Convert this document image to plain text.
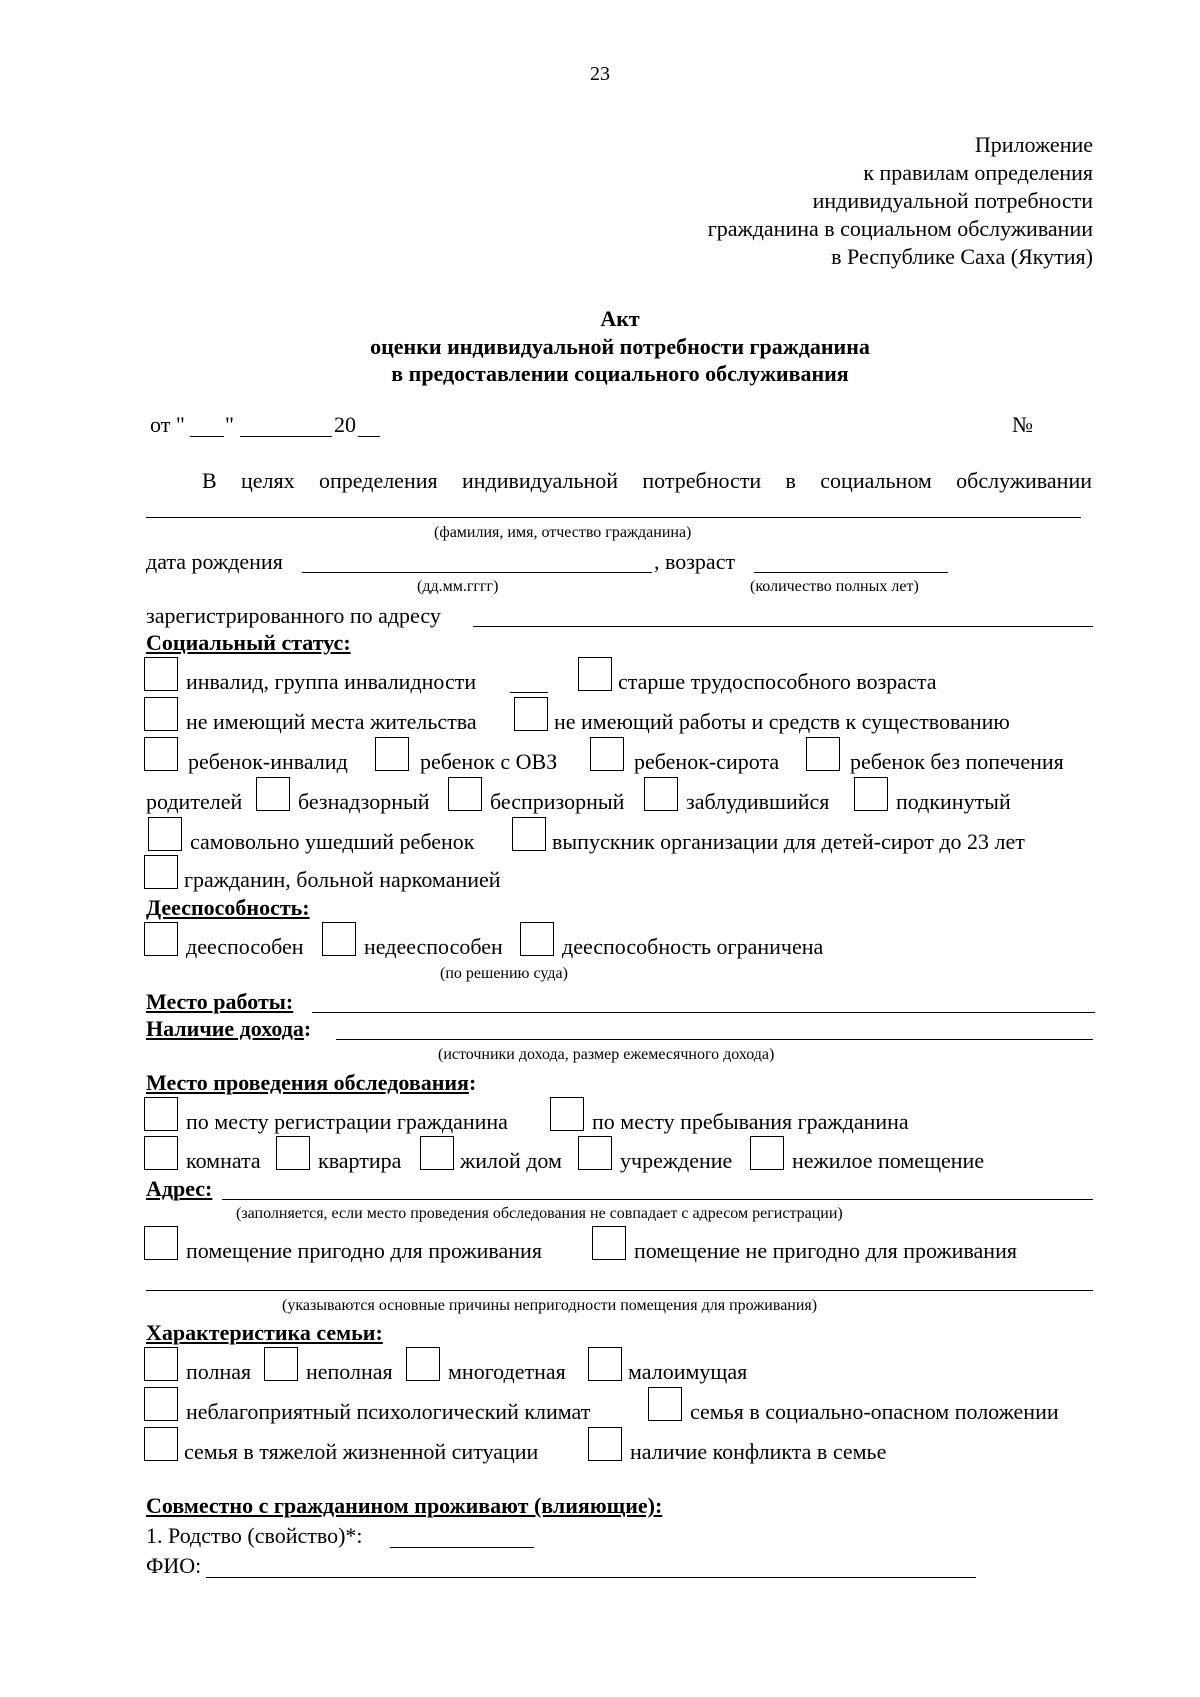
23
Приложение
к правилам определения
индивидуальной потребности
гражданина в социальном обслуживании
в Республике Саха (Якутия)
Акт
оценки индивидуальной потребности гражданина
в предоставлении социального обслуживания
от " "	20	№
В целях определения индивидуальной потребности в социальном обслуживании
(фамилия, имя, отчество гражданина)
дата рождения	, возраст
(дд.мм.гггг)	(количество полных лет)
зарегистрированного по адресу
Социальный статус:
инвалид, группа инвалидности	старше трудоспособного возраста
не имеющий места жительства	не имеющий работы и средств к существованию
ребенок-инвалид	ребенок с ОВЗ	ребенок-сирота	ребенок без попечения
родителей	безнадзорный	беспризорный	заблудившийся	подкинутый
самовольно ушедший ребенок	выпускник организации для детей-сирот до 23 лет
гражданин, больной наркоманией
Дееспособность:
дееспособен	недееспособен	дееспособность ограничена
(по решению суда)
Место работы:
Наличие дохода:
(источники дохода, размер ежемесячного дохода)
Место проведения обследования:
по месту регистрации гражданина	по месту пребывания гражданина
комната	квартира	жилой дом	учреждение	нежилое помещение
Адрес:
(заполняется, если место проведения обследования не совпадает с адресом регистрации)
помещение пригодно для проживания	помещение не пригодно для проживания
(указываются основные причины непригодности помещения для проживания)
Характеристика семьи:
полная неполная	многодетная	малоимущая
неблагоприятный психологический климат	семья в социально-опасном положении
семья в тяжелой жизненной ситуации	наличие конфликта в семье
Совместно с гражданином проживают (влияющие):
1. Родство (свойство)*:
ФИО:
